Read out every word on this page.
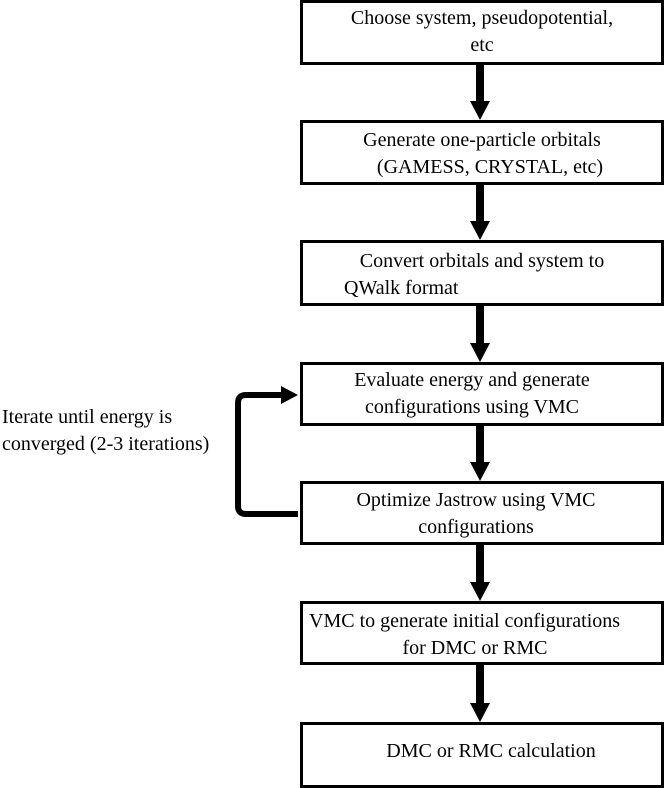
Choose system, pseudopotential,
etc
Generate one-particle orbitals
(GAMESS, CRYSTAL, etc)
Convert orbitals and system to
QWalk format
Evaluate energy and generate
configurations using VMC
Optimize Jastrow using VMC
configurations
VMC to generate initial configurations
for DMC or RMC
DMC or RMC calculation
Iterate until energy is
converged (2-3 iterations)
